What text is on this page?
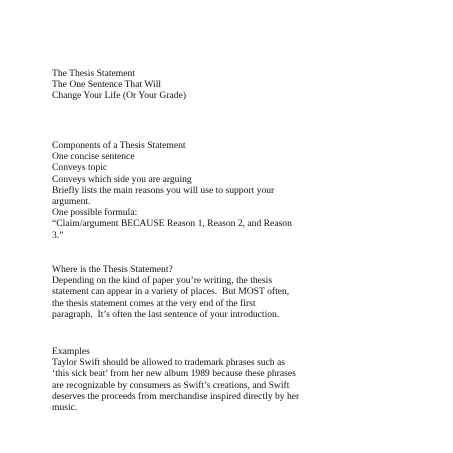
The Thesis Statement
The One Sentence That Will
Change Your Life (Or Your Grade)
Components of a Thesis Statement
One concise sentence
Conveys topic
Conveys which side you are arguing
Briefly lists the main reasons you will use to support your
argument.
One possible formula:
“Claim/argument BECAUSE Reason 1, Reason 2, and Reason
3.”
Where is the Thesis Statement?
Depending on the kind of paper you’re writing, the thesis
statement can appear in a variety of places.  But MOST often,
the thesis statement comes at the very end of the first
paragraph.  It’s often the last sentence of your introduction.
Examples
Taylor Swift should be allowed to trademark phrases such as
‘this sick beat’ from her new album 1989 because these phrases
are recognizable by consumers as Swift’s creations, and Swift
deserves the proceeds from merchandise inspired directly by her
music.
